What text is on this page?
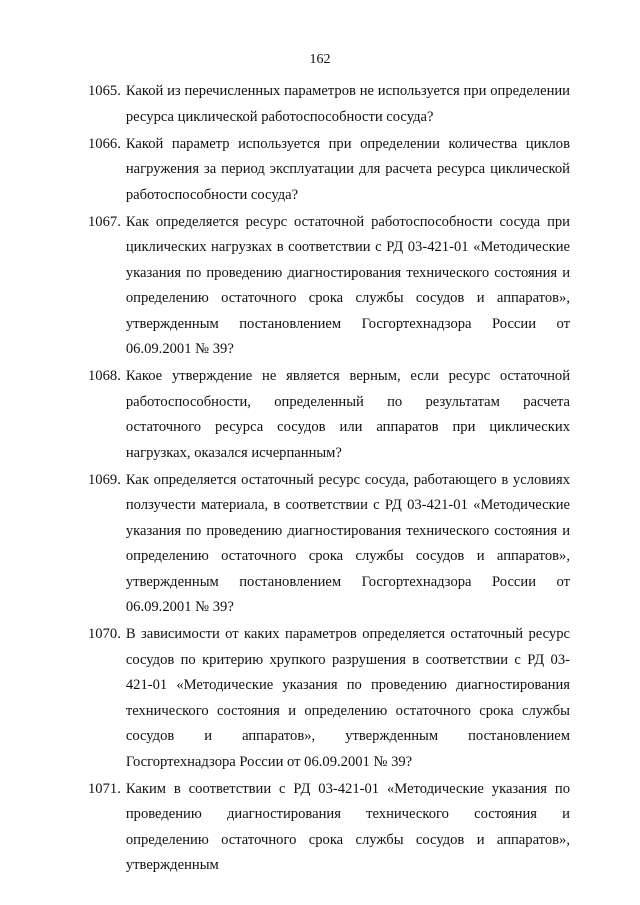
162
1065. Какой из перечисленных параметров не используется при определении ресурса циклической работоспособности сосуда?
1066. Какой параметр используется при определении количества циклов нагружения за период эксплуатации для расчета ресурса циклической работоспособности сосуда?
1067. Как определяется ресурс остаточной работоспособности сосуда при циклических нагрузках в соответствии с РД 03-421-01 «Методические указания по проведению диагностирования технического состояния и определению остаточного срока службы сосудов и аппаратов», утвержденным постановлением Госгортехнадзора России от 06.09.2001 № 39?
1068. Какое утверждение не является верным, если ресурс остаточной работоспособности, определенный по результатам расчета остаточного ресурса сосудов или аппаратов при циклических нагрузках, оказался исчерпанным?
1069. Как определяется остаточный ресурс сосуда, работающего в условиях ползучести материала, в соответствии с РД 03-421-01 «Методические указания по проведению диагностирования технического состояния и определению остаточного срока службы сосудов и аппаратов», утвержденным постановлением Госгортехнадзора России от 06.09.2001 № 39?
1070. В зависимости от каких параметров определяется остаточный ресурс сосудов по критерию хрупкого разрушения в соответствии с РД 03-421-01 «Методические указания по проведению диагностирования технического состояния и определению остаточного срока службы сосудов и аппаратов», утвержденным постановлением Госгортехнадзора России от 06.09.2001 № 39?
1071. Каким в соответствии с РД 03-421-01 «Методические указания по проведению диагностирования технического состояния и определению остаточного срока службы сосудов и аппаратов», утвержденным
